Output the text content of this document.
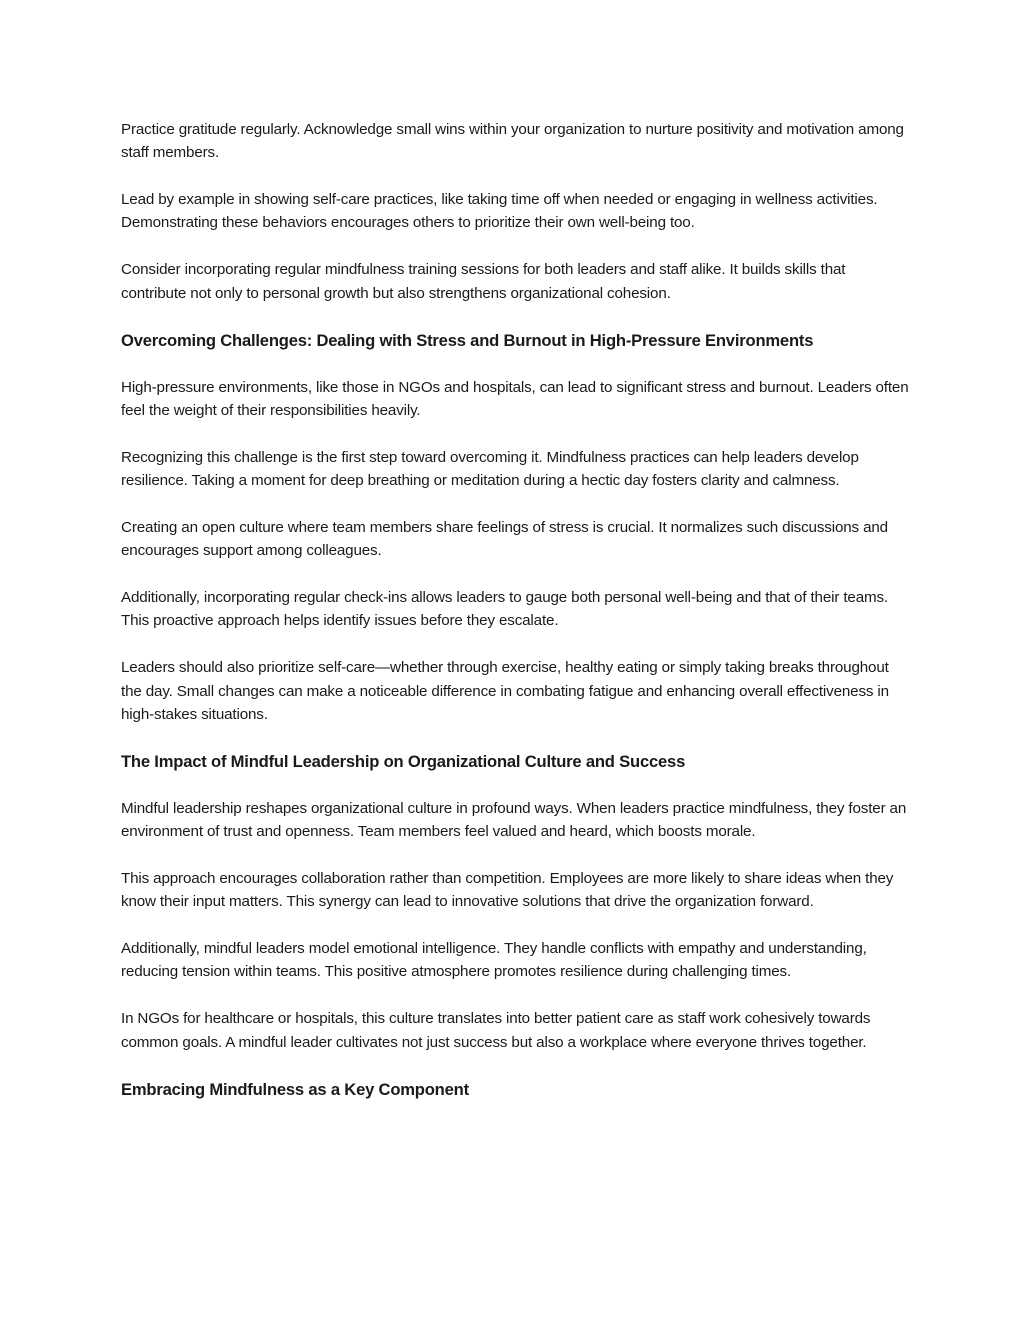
Practice gratitude regularly. Acknowledge small wins within your organization to nurture positivity and motivation among staff members.

Lead by example in showing self-care practices, like taking time off when needed or engaging in wellness activities. Demonstrating these behaviors encourages others to prioritize their own well-being too.

Consider incorporating regular mindfulness training sessions for both leaders and staff alike. It builds skills that contribute not only to personal growth but also strengthens organizational cohesion.

Overcoming Challenges: Dealing with Stress and Burnout in High-Pressure Environments

High-pressure environments, like those in NGOs and hospitals, can lead to significant stress and burnout. Leaders often feel the weight of their responsibilities heavily.

Recognizing this challenge is the first step toward overcoming it. Mindfulness practices can help leaders develop resilience. Taking a moment for deep breathing or meditation during a hectic day fosters clarity and calmness.

Creating an open culture where team members share feelings of stress is crucial. It normalizes such discussions and encourages support among colleagues.

Additionally, incorporating regular check-ins allows leaders to gauge both personal well-being and that of their teams. This proactive approach helps identify issues before they escalate.

Leaders should also prioritize self-care—whether through exercise, healthy eating or simply taking breaks throughout the day. Small changes can make a noticeable difference in combating fatigue and enhancing overall effectiveness in high-stakes situations.

The Impact of Mindful Leadership on Organizational Culture and Success

Mindful leadership reshapes organizational culture in profound ways. When leaders practice mindfulness, they foster an environment of trust and openness. Team members feel valued and heard, which boosts morale.

This approach encourages collaboration rather than competition. Employees are more likely to share ideas when they know their input matters. This synergy can lead to innovative solutions that drive the organization forward.

Additionally, mindful leaders model emotional intelligence. They handle conflicts with empathy and understanding, reducing tension within teams. This positive atmosphere promotes resilience during challenging times.

In NGOs for healthcare or hospitals, this culture translates into better patient care as staff work cohesively towards common goals. A mindful leader cultivates not just success but also a workplace where everyone thrives together.

Embracing Mindfulness as a Key Component
